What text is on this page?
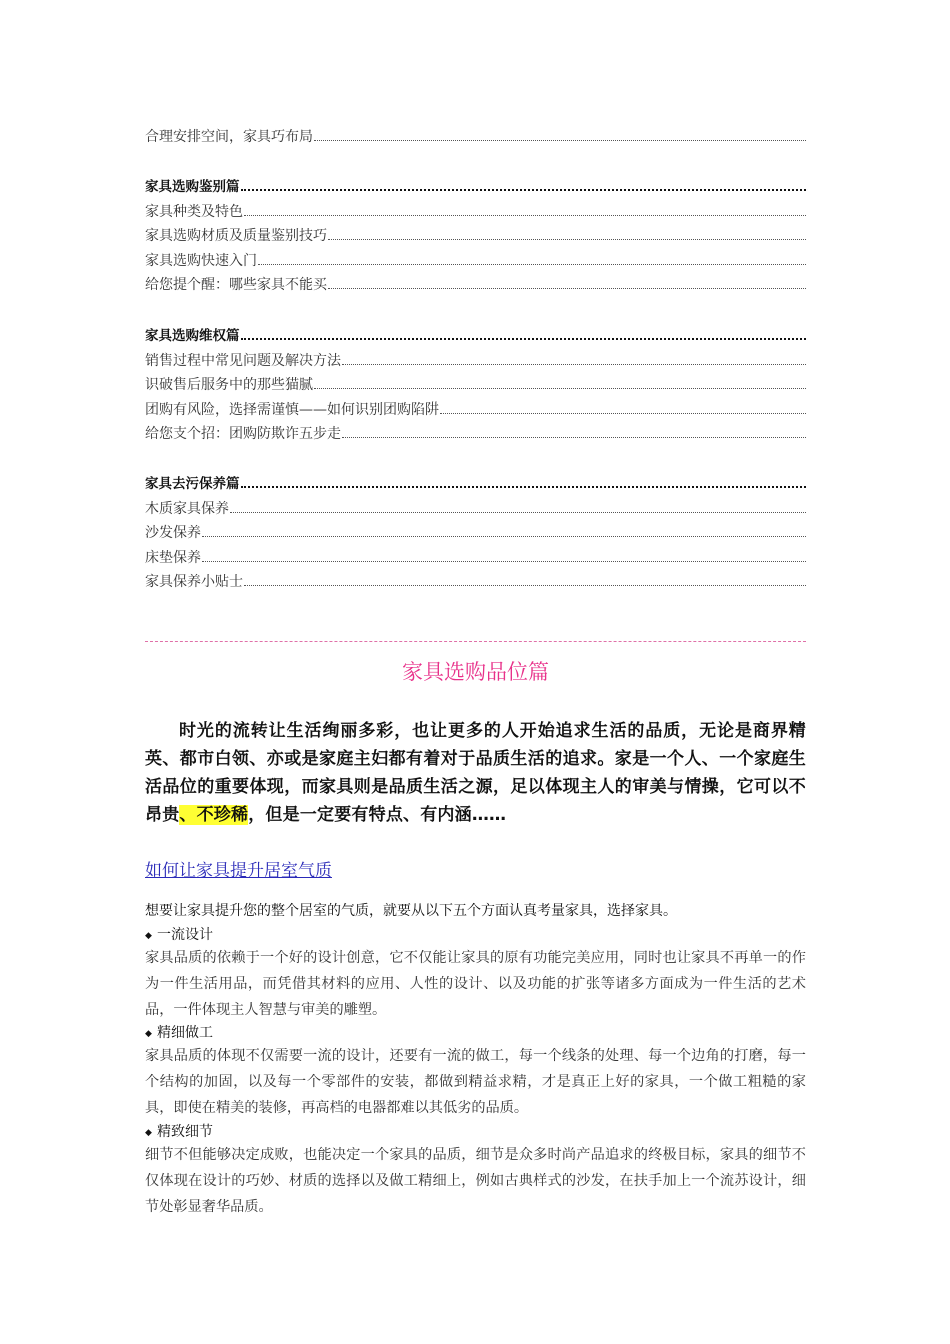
合理安排空间，家具巧布局
家具选购鉴别篇
家具种类及特色
家具选购材质及质量鉴别技巧
家具选购快速入门
给您提个醒：哪些家具不能买
家具选购维权篇
销售过程中常见问题及解决方法
识破售后服务中的那些猫腻
团购有风险，选择需谨慎——如何识别团购陷阱
给您支个招：团购防欺诈五步走
家具去污保养篇
木质家具保养
沙发保养
床垫保养
家具保养小贴士
家具选购品位篇
时光的流转让生活绚丽多彩，也让更多的人开始追求生活的品质，无论是商界精英、都市白领、亦或是家庭主妇都有着对于品质生活的追求。家是一个人、一个家庭生活品位的重要体现，而家具则是品质生活之源，足以体现主人的审美与情操，它可以不昂贵、不珍稀，但是一定要有特点、有内涵……
如何让家具提升居室气质
想要让家具提升您的整个居室的气质，就要从以下五个方面认真考量家具，选择家具。
◆ 一流设计
家具品质的依赖于一个好的设计创意，它不仅能让家具的原有功能完美应用，同时也让家具不再单一的作为一件生活用品，而凭借其材料的应用、人性的设计、以及功能的扩张等诸多方面成为一件生活的艺术品，一件体现主人智慧与审美的雕塑。
◆ 精细做工
家具品质的体现不仅需要一流的设计，还要有一流的做工，每一个线条的处理、每一个边角的打磨，每一个结构的加固，以及每一个零部件的安装，都做到精益求精，才是真正上好的家具，一个做工粗糙的家具，即使在精美的装修，再高档的电器都难以其低劣的品质。
◆ 精致细节
细节不但能够决定成败，也能决定一个家具的品质，细节是众多时尚产品追求的终极目标，家具的细节不仅体现在设计的巧妙、材质的选择以及做工精细上，例如古典样式的沙发，在扶手加上一个流苏设计，细节处彰显奢华品质。
